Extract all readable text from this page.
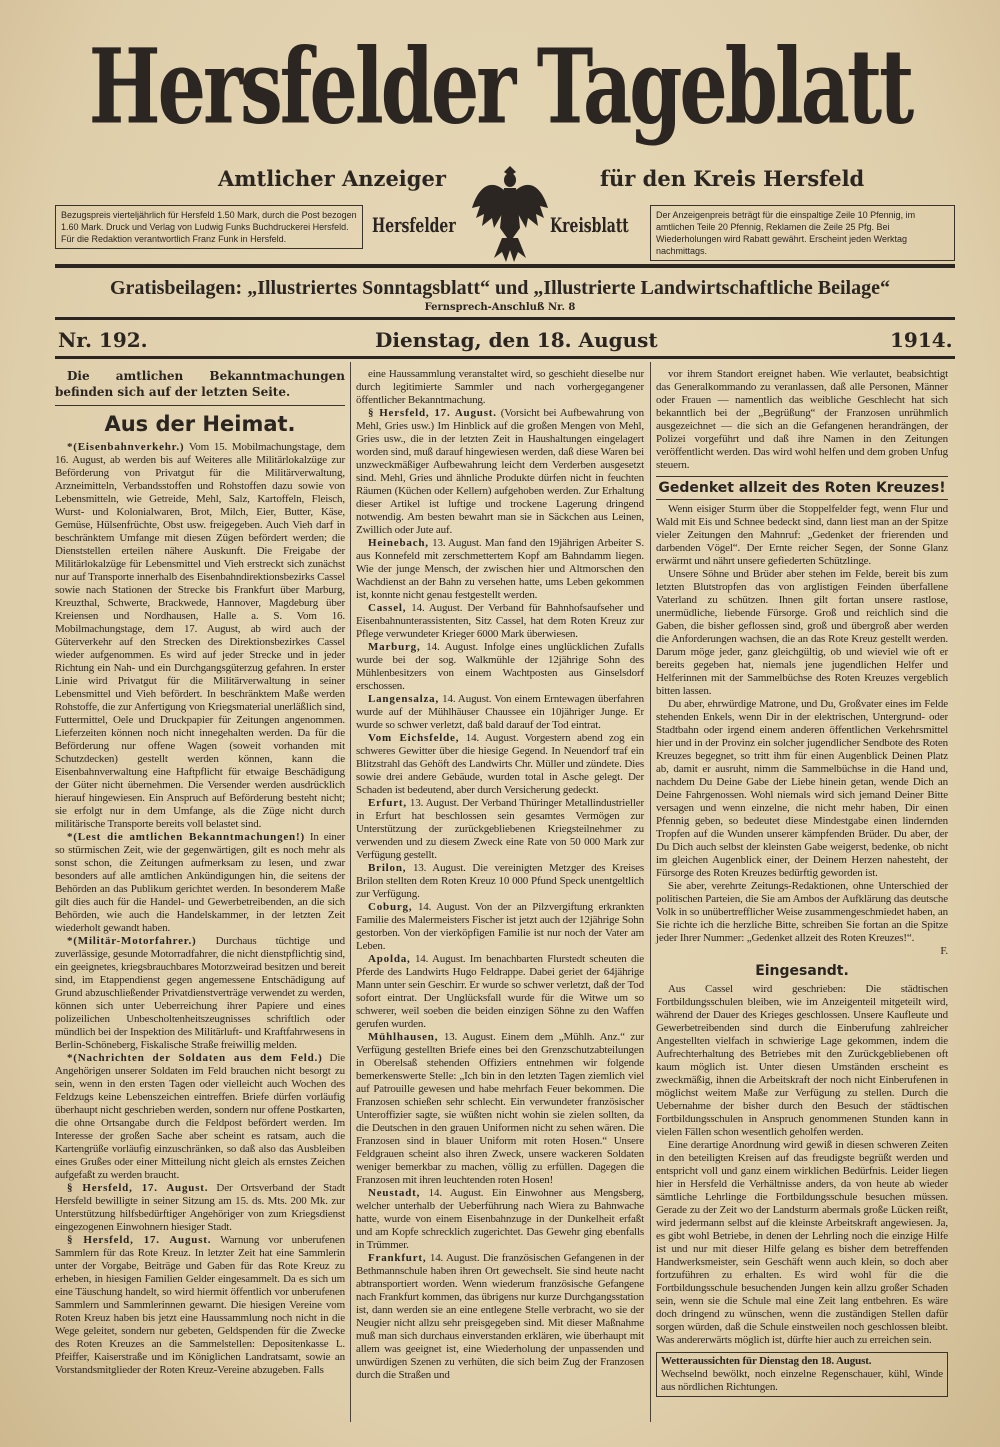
Hersfelder Tageblatt
Amtlicher Anzeiger	für den Kreis Hersfeld
Hersfelder	Kreisblatt
Bezugspreis vierteljährlich für Hersfeld 1.50 Mark, durch die Post bezogen 1.60 Mark. Druck und Verlag von Ludwig Funks Buchdruckerei Hersfeld. Für die Redaktion verantwortlich Franz Funk in Hersfeld.
Der Anzeigenpreis beträgt für die einspaltige Zeile 10 Pfennig, im amtlichen Teile 20 Pfennig, Reklamen die Zeile 25 Pfg. Bei Wiederholungen wird Rabatt gewährt. Erscheint jeden Werktag nachmittags.
Gratisbeilagen: „Illustriertes Sonntagsblatt“ und „Illustrierte Landwirtschaftliche Beilage“
Fernsprech-Anschluß Nr. 8
Nr. 192.	Dienstag, den 18. August	1914.
Die amtlichen Bekanntmachungen befinden sich auf der letzten Seite.
Aus der Heimat.

*(Eisenbahnverkehr.) Vom 15. Mobilmachungstage, dem 16. August, ab werden bis auf Weiteres alle Militärlokalzüge zur Beförderung von Privatgut für die Militärverwaltung, Arzneimitteln, Verbandsstoffen und Rohstoffen dazu sowie von Lebensmitteln, wie Getreide, Mehl, Salz, Kartoffeln, Fleisch, Wurst- und Kolonialwaren, Brot, Milch, Eier, Butter, Käse, Gemüse, Hülsenfrüchte, Obst usw. freigegeben. Auch Vieh darf in beschränktem Umfange mit diesen Zügen befördert werden; die Dienststellen erteilen nähere Auskunft. Die Freigabe der Militärlokalzüge für Lebensmittel und Vieh erstreckt sich zunächst nur auf Transporte innerhalb des Eisenbahndirektionsbezirks Cassel sowie nach Stationen der Strecke bis Frankfurt über Marburg, Kreuzthal, Schwerte, Brackwede, Hannover, Magdeburg über Kreiensen und Nordhausen, Halle a. S. Vom 16. Mobilmachungstage, dem 17. August, ab wird auch der Güterverkehr auf den Strecken des Direktionsbezirkes Cassel wieder aufgenommen. Es wird auf jeder Strecke und in jeder Richtung ein Nah- und ein Durchgangsgüterzug gefahren. In erster Linie wird Privatgut für die Militärverwaltung in seiner Lebensmittel und Vieh befördert. In beschränktem Maße werden Rohstoffe, die zur Anfertigung von Kriegsmaterial unerläßlich sind, Futtermittel, Oele und Druckpapier für Zeitungen angenommen. Lieferzeiten können noch nicht innegehalten werden. Da für die Beförderung nur offene Wagen (soweit vorhanden mit Schutzdecken) gestellt werden können, kann die Eisenbahnverwaltung eine Haftpflicht für etwaige Beschädigung der Güter nicht übernehmen. Die Versender werden ausdrücklich hierauf hingewiesen. Ein Anspruch auf Beförderung besteht nicht; sie erfolgt nur in dem Umfange, als die Züge nicht durch militärische Transporte bereits voll belastet sind.

*(Lest die amtlichen Bekanntmachungen!) In einer so stürmischen Zeit, wie der gegenwärtigen, gilt es noch mehr als sonst schon, die Zeitungen aufmerksam zu lesen, und zwar besonders auf alle amtlichen Ankündigungen hin, die seitens der Behörden an das Publikum gerichtet werden. In besonderem Maße gilt dies auch für die Handel- und Gewerbetreibenden, an die sich Behörden, wie auch die Handelskammer, in der letzten Zeit wiederholt gewandt haben.

*(Militär-Motorfahrer.) Durchaus tüchtige und zuverlässige, gesunde Motorradfahrer, die nicht dienstpflichtig sind, ein geeignetes, kriegsbrauchbares Motorzweirad besitzen und bereit sind, im Etappendienst gegen angemessene Entschädigung auf Grund abzuschließender Privatdienstverträge verwendet zu werden, können sich unter Ueberreichung ihrer Papiere und eines polizeilichen Unbescholtenheitszeugnisses schriftlich oder mündlich bei der Inspektion des Militärluft- und Kraftfahrwesens in Berlin-Schöneberg, Fiskalische Straße freiwillig melden.

*(Nachrichten der Soldaten aus dem Feld.) Die Angehörigen unserer Soldaten im Feld brauchen nicht besorgt zu sein, wenn in den ersten Tagen oder vielleicht auch Wochen des Feldzugs keine Lebenszeichen eintreffen. Briefe dürfen vorläufig überhaupt nicht geschrieben werden, sondern nur offene Postkarten, die ohne Ortsangabe durch die Feldpost befördert werden. Im Interesse der großen Sache aber scheint es ratsam, auch die Kartengrüße vorläufig einzuschränken, so daß also das Ausbleiben eines Grußes oder einer Mitteilung nicht gleich als ernstes Zeichen aufgefaßt zu werden braucht.

§ Hersfeld, 17. August. Der Ortsverband der Stadt Hersfeld bewilligte in seiner Sitzung am 15. ds. Mts. 200 Mk. zur Unterstützung hilfsbedürftiger Angehöriger von zum Kriegsdienst eingezogenen Einwohnern hiesiger Stadt.

§ Hersfeld, 17. August. Warnung vor unberufenen Sammlern für das Rote Kreuz. In letzter Zeit hat eine Sammlerin unter der Vorgabe, Beiträge und Gaben für das Rote Kreuz zu erheben, in hiesigen Familien Gelder eingesammelt. Da es sich um eine Täuschung handelt, so wird hiermit öffentlich vor unberufenen Sammlern und Sammlerinnen gewarnt. Die hiesigen Vereine vom Roten Kreuz haben bis jetzt eine Haussammlung noch nicht in die Wege geleitet, sondern nur gebeten, Geldspenden für die Zwecke des Roten Kreuzes an die Sammelstellen: Depositenkasse L. Pfeiffer, Kaiserstraße und im Königlichen Landratsamt, sowie an Vorstandsmitglieder der Roten Kreuz-Vereine abzugeben. Falls

eine Haussammlung veranstaltet wird, so geschieht dieselbe nur durch legitimierte Sammler und nach vorhergegangener öffentlicher Bekanntmachung.

§ Hersfeld, 17. August. (Vorsicht bei Aufbewahrung von Mehl, Gries usw.) Im Hinblick auf die großen Mengen von Mehl, Gries usw., die in der letzten Zeit in Haushaltungen eingelagert worden sind, muß darauf hingewiesen werden, daß diese Waren bei unzweckmäßiger Aufbewahrung leicht dem Verderben ausgesetzt sind. Mehl, Gries und ähnliche Produkte dürfen nicht in feuchten Räumen (Küchen oder Kellern) aufgehoben werden. Zur Erhaltung dieser Artikel ist luftige und trockene Lagerung dringend notwendig. Am besten bewahrt man sie in Säckchen aus Leinen, Zwillich oder Jute auf.

Heinebach, 13. August. Man fand den 19jährigen Arbeiter S. aus Konnefeld mit zerschmettertem Kopf am Bahndamm liegen. Wie der junge Mensch, der zwischen hier und Altmorschen den Wachdienst an der Bahn zu versehen hatte, ums Leben gekommen ist, konnte nicht genau festgestellt werden.

Cassel, 14. August. Der Verband für Bahnhofsaufseher und Eisenbahnunterassistenten, Sitz Cassel, hat dem Roten Kreuz zur Pflege verwundeter Krieger 6000 Mark überwiesen.

Marburg, 14. August. Infolge eines unglücklichen Zufalls wurde bei der sog. Walkmühle der 12jährige Sohn des Mühlenbesitzers von einem Wachtposten aus Ginselsdorf erschossen.

Langensalza, 14. August. Von einem Erntewagen überfahren wurde auf der Mühlhäuser Chaussee ein 10jähriger Junge. Er wurde so schwer verletzt, daß bald darauf der Tod eintrat.

Vom Eichsfelde, 14. August. Vorgestern abend zog ein schweres Gewitter über die hiesige Gegend. In Neuendorf traf ein Blitzstrahl das Gehöft des Landwirts Chr. Müller und zündete. Dies sowie drei andere Gebäude, wurden total in Asche gelegt. Der Schaden ist bedeutend, aber durch Versicherung gedeckt.

Erfurt, 13. August. Der Verband Thüringer Metallindustrieller in Erfurt hat beschlossen sein gesamtes Vermögen zur Unterstützung der zurückgebliebenen Kriegsteilnehmer zu verwenden und zu diesem Zweck eine Rate von 50 000 Mark zur Verfügung gestellt.

Brilon, 13. August. Die vereinigten Metzger des Kreises Brilon stellten dem Roten Kreuz 10 000 Pfund Speck unentgeltlich zur Verfügung.

Coburg, 14. August. Von der an Pilzvergiftung erkrankten Familie des Malermeisters Fischer ist jetzt auch der 12jährige Sohn gestorben. Von der vierköpfigen Familie ist nur noch der Vater am Leben.

Apolda, 14. August. Im benachbarten Flurstedt scheuten die Pferde des Landwirts Hugo Feldrappe. Dabei geriet der 64jährige Mann unter sein Geschirr. Er wurde so schwer verletzt, daß der Tod sofort eintrat. Der Unglücksfall wurde für die Witwe um so schwerer, weil soeben die beiden einzigen Söhne zu den Waffen gerufen wurden.

Mühlhausen, 13. August. Einem dem „Mühlh. Anz.“ zur Verfügung gestellten Briefe eines bei den Grenzschutzabteilungen in Oberelsaß stehenden Offiziers entnehmen wir folgende bemerkenswerte Stelle: „Ich bin in den letzten Tagen ziemlich viel auf Patrouille gewesen und habe mehrfach Feuer bekommen. Die Franzosen schießen sehr schlecht. Ein verwundeter französischer Unteroffizier sagte, sie wüßten nicht wohin sie zielen sollten, da die Deutschen in den grauen Uniformen nicht zu sehen wären. Die Franzosen sind in blauer Uniform mit roten Hosen.“ Unsere Feldgrauen scheint also ihren Zweck, unsere wackeren Soldaten weniger bemerkbar zu machen, völlig zu erfüllen. Dagegen die Franzosen mit ihren leuchtenden roten Hosen!

Neustadt, 14. August. Ein Einwohner aus Mengsberg, welcher unterhalb der Ueberführung nach Wiera zu Bahnwache hatte, wurde von einem Eisenbahnzuge in der Dunkelheit erfaßt und am Kopfe schrecklich zugerichtet. Das Gewehr ging ebenfalls in Trümmer.

Frankfurt, 14. August. Die französischen Gefangenen in der Bethmannschule haben ihren Ort gewechselt. Sie sind heute nacht abtransportiert worden. Wenn wiederum französische Gefangene nach Frankfurt kommen, das übrigens nur kurze Durchgangsstation ist, dann werden sie an eine entlegene Stelle verbracht, wo sie der Neugier nicht allzu sehr preisgegeben sind. Mit dieser Maßnahme muß man sich durchaus einverstanden erklären, wie überhaupt mit allem was geeignet ist, eine Wiederholung der unpassenden und unwürdigen Szenen zu verhüten, die sich beim Zug der Franzosen durch die Straßen und

vor ihrem Standort ereignet haben. Wie verlautet, beabsichtigt das Generalkommando zu veranlassen, daß alle Personen, Männer oder Frauen — namentlich das weibliche Geschlecht hat sich bekanntlich bei der „Begrüßung“ der Franzosen unrühmlich ausgezeichnet — die sich an die Gefangenen herandrängen, der Polizei vorgeführt und daß ihre Namen in den Zeitungen veröffentlicht werden. Das wird wohl helfen und dem groben Unfug steuern.

Gedenket allzeit des Roten Kreuzes!

Wenn eisiger Sturm über die Stoppelfelder fegt, wenn Flur und Wald mit Eis und Schnee bedeckt sind, dann liest man an der Spitze vieler Zeitungen den Mahnruf: „Gedenket der frierenden und darbenden Vögel“. Der Ernte reicher Segen, der Sonne Glanz erwärmt und nährt unsere gefiederten Schützlinge.

Unsere Söhne und Brüder aber stehen im Felde, bereit bis zum letzten Blutstropfen das von arglistigen Feinden überfallene Vaterland zu schützen. Ihnen gilt fortan unsere rastlose, unermüdliche, liebende Fürsorge. Groß und reichlich sind die Gaben, die bisher geflossen sind, groß und übergroß aber werden die Anforderungen wachsen, die an das Rote Kreuz gestellt werden. Darum möge jeder, ganz gleichgültig, ob und wieviel wie oft er bereits gegeben hat, niemals jene jugendlichen Helfer und Helferinnen mit der Sammelbüchse des Roten Kreuzes vergeblich bitten lassen.

Du aber, ehrwürdige Matrone, und Du, Großvater eines im Felde stehenden Enkels, wenn Dir in der elektrischen, Untergrund- oder Stadtbahn oder irgend einem anderen öffentlichen Verkehrsmittel hier und in der Provinz ein solcher jugendlicher Sendbote des Roten Kreuzes begegnet, so tritt ihm für einen Augenblick Deinen Platz ab, damit er ausruht, nimm die Sammelbüchse in die Hand und, nachdem Du Deine Gabe der Liebe hinein getan, wende Dich an Deine Fahrgenossen. Wohl niemals wird sich jemand Deiner Bitte versagen und wenn einzelne, die nicht mehr haben, Dir einen Pfennig geben, so bedeutet diese Mindestgabe einen lindernden Tropfen auf die Wunden unserer kämpfenden Brüder. Du aber, der Du Dich auch selbst der kleinsten Gabe weigerst, bedenke, ob nicht im gleichen Augenblick einer, der Deinem Herzen nahesteht, der Fürsorge des Roten Kreuzes bedürftig geworden ist.

Sie aber, verehrte Zeitungs-Redaktionen, ohne Unterschied der politischen Parteien, die Sie am Ambos der Aufklärung das deutsche Volk in so unübertrefflicher Weise zusammengeschmiedet haben, an Sie richte ich die herzliche Bitte, schreiben Sie fortan an die Spitze jeder Ihrer Nummer: „Gedenket allzeit des Roten Kreuzes!“.

F.
Eingesandt.

Aus Cassel wird geschrieben: Die städtischen Fortbildungsschulen bleiben, wie im Anzeigenteil mitgeteilt wird, während der Dauer des Krieges geschlossen. Unsere Kaufleute und Gewerbetreibenden sind durch die Einberufung zahlreicher Angestellten vielfach in schwierige Lage gekommen, indem die Aufrechterhaltung des Betriebes mit den Zurückgebliebenen oft kaum möglich ist. Unter diesen Umständen erscheint es zweckmäßig, ihnen die Arbeitskraft der noch nicht Einberufenen in möglichst weitem Maße zur Verfügung zu stellen. Durch die Uebernahme der bisher durch den Besuch der städtischen Fortbildungsschulen in Anspruch genommenen Stunden kann in vielen Fällen schon wesentlich geholfen werden.

Eine derartige Anordnung wird gewiß in diesen schweren Zeiten in den beteiligten Kreisen auf das freudigste begrüßt werden und entspricht voll und ganz einem wirklichen Bedürfnis. Leider liegen hier in Hersfeld die Verhältnisse anders, da von heute ab wieder sämtliche Lehrlinge die Fortbildungsschule besuchen müssen. Gerade zu der Zeit wo der Landsturm abermals große Lücken reißt, wird jedermann selbst auf die kleinste Arbeitskraft angewiesen. Ja, es gibt wohl Betriebe, in denen der Lehrling noch die einzige Hilfe ist und nur mit dieser Hilfe gelang es bisher dem betreffenden Handwerksmeister, sein Geschäft wenn auch klein, so doch aber fortzuführen zu erhalten. Es wird wohl für die die Fortbildungsschule besuchenden Jungen kein allzu großer Schaden sein, wenn sie die Schule mal eine Zeit lang entbehren. Es wäre doch dringend zu wünschen, wenn die zuständigen Stellen dafür sorgen würden, daß die Schule einstweilen noch geschlossen bleibt. Was andererwärts möglich ist, dürfte hier auch zu erreichen sein.

Wetteraussichten für Dienstag den 18. August.
Wechselnd bewölkt, noch einzelne Regenschauer, kühl, Winde aus nördlichen Richtungen.
